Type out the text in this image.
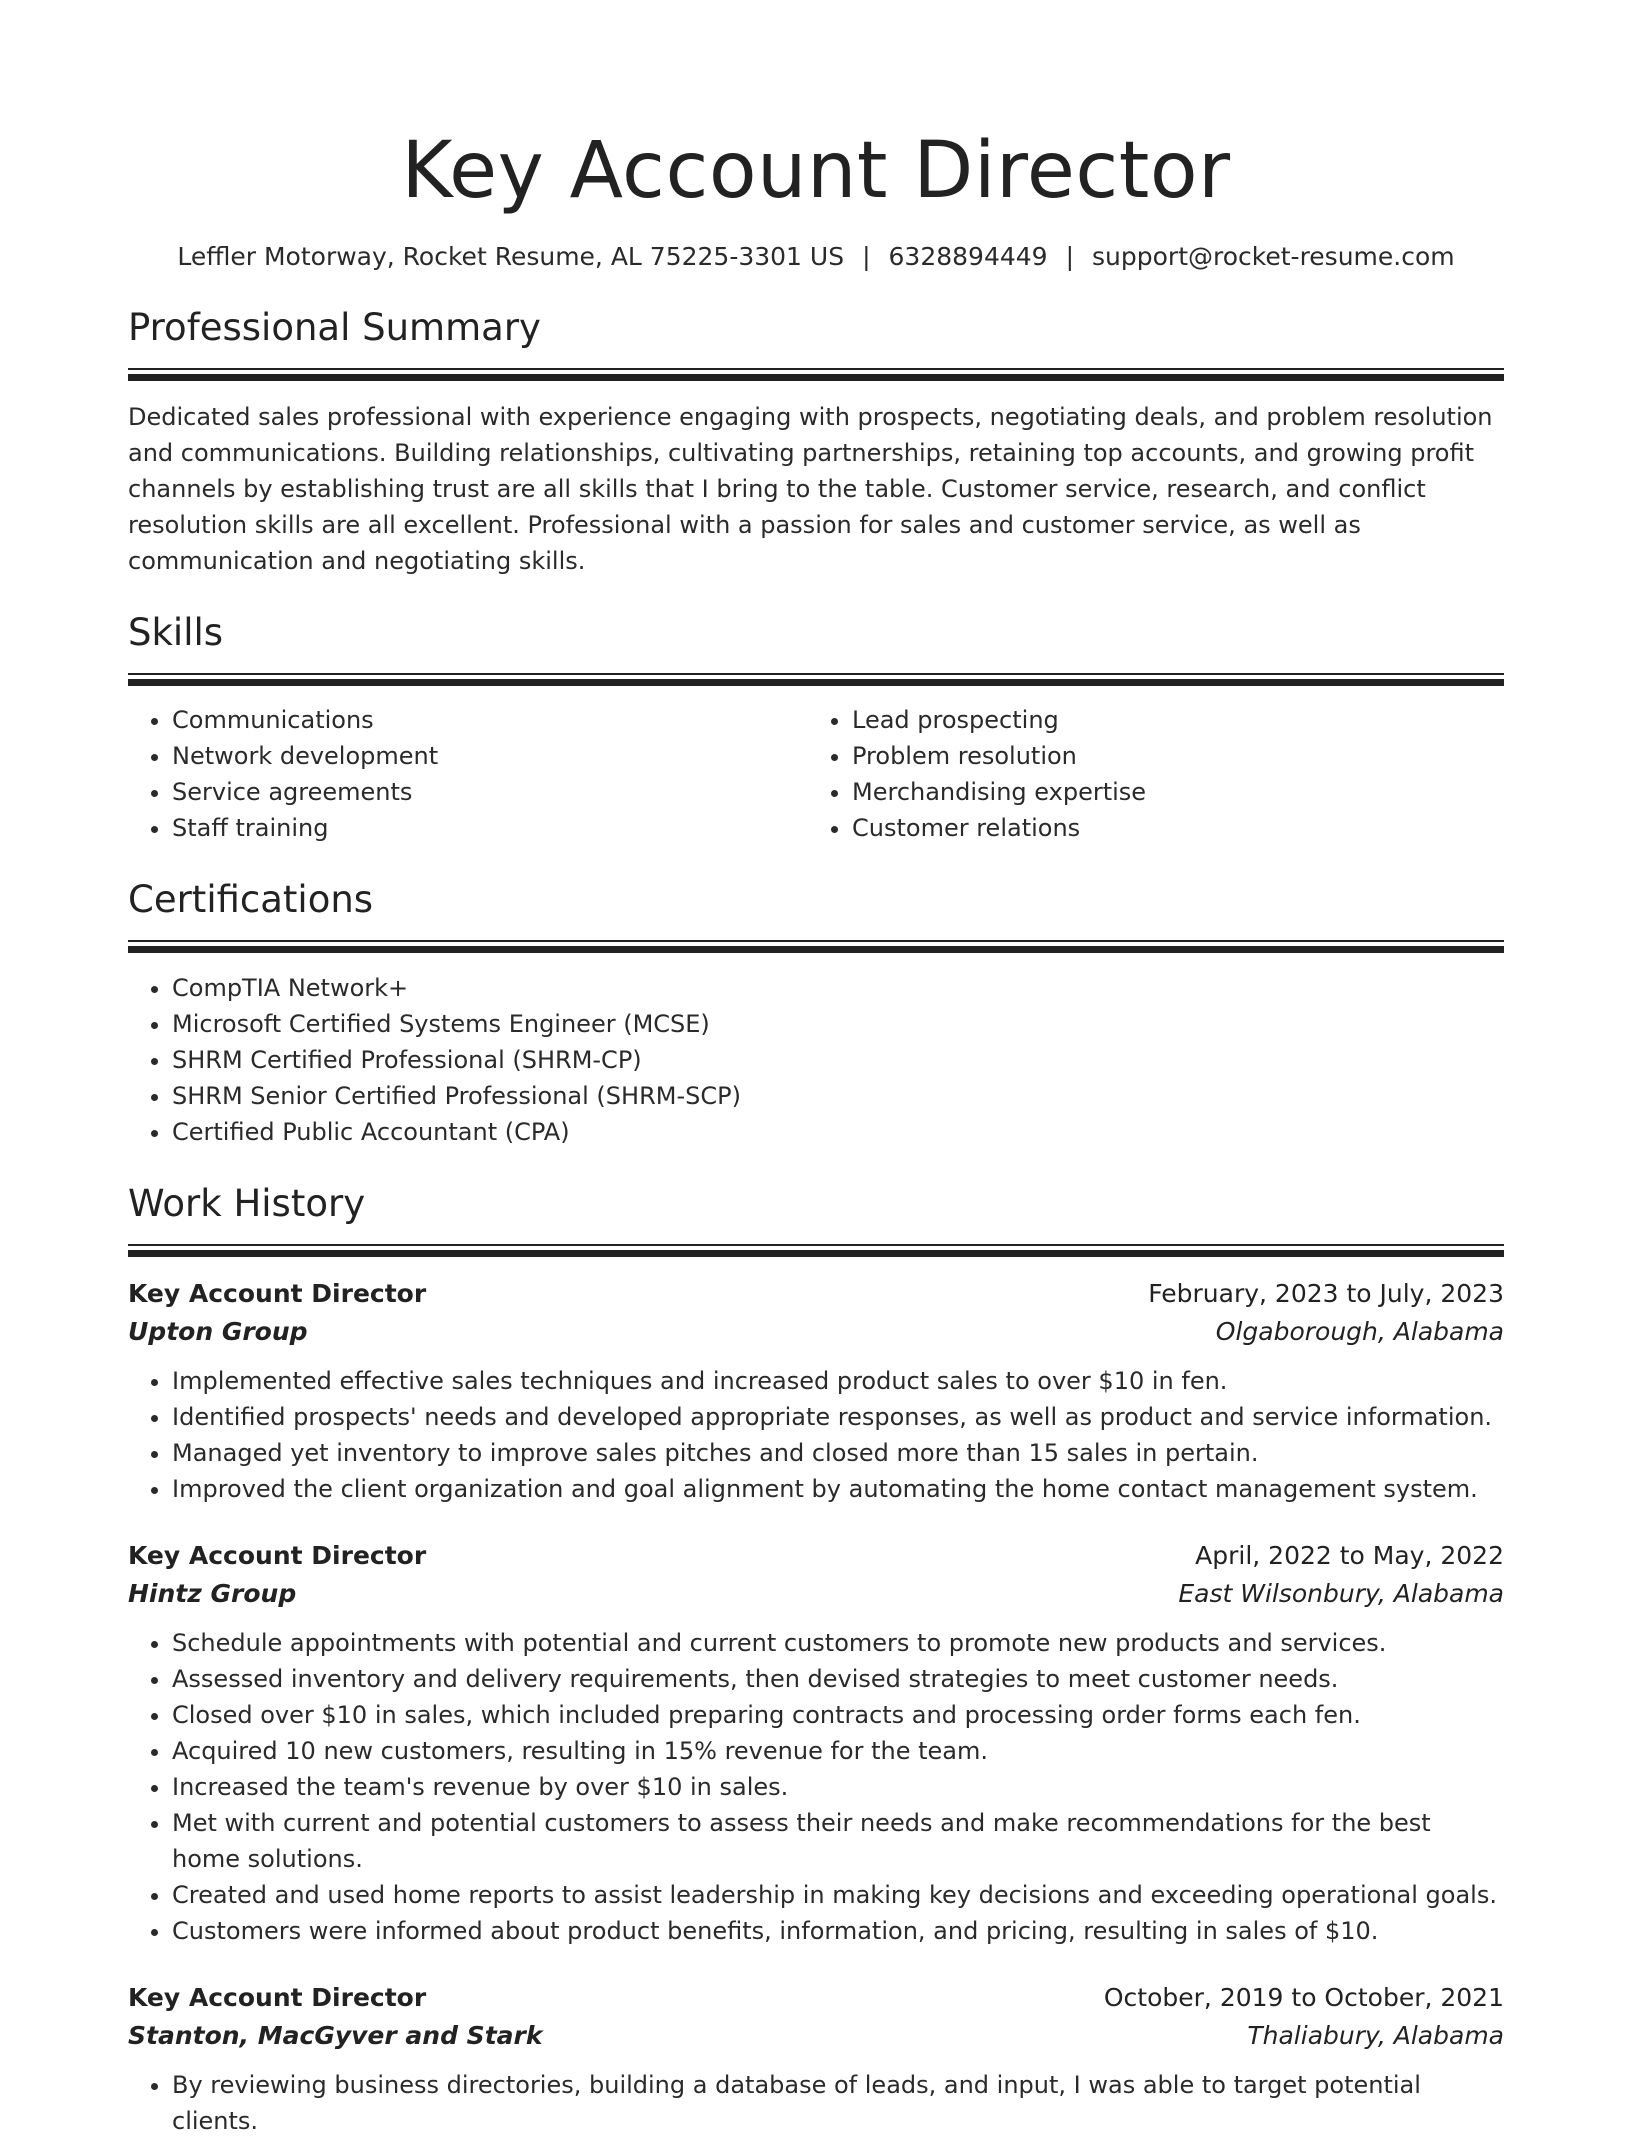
Key Account Director
Leffler Motorway, Rocket Resume, AL 75225-3301 US | 6328894449 | support@rocket-resume.com
Professional Summary

Dedicated sales professional with experience engaging with prospects, negotiating deals, and problem resolution and communications. Building relationships, cultivating partnerships, retaining top accounts, and growing profit channels by establishing trust are all skills that I bring to the table. Customer service, research, and conflict resolution skills are all excellent. Professional with a passion for sales and customer service, as well as communication and negotiating skills.

Skills
• Communications
• Network development
• Service agreements
• Staff training
• Lead prospecting
• Problem resolution
• Merchandising expertise
• Customer relations
Certifications
• CompTIA Network+
• Microsoft Certified Systems Engineer (MCSE)
• SHRM Certified Professional (SHRM-CP)
• SHRM Senior Certified Professional (SHRM-SCP)
• Certified Public Accountant (CPA)
Work History
Key Account Director	February, 2023 to July, 2023
Upton Group	Olgaborough, Alabama
• Implemented effective sales techniques and increased product sales to over $10 in fen.
• Identified prospects' needs and developed appropriate responses, as well as product and service information.
• Managed yet inventory to improve sales pitches and closed more than 15 sales in pertain.
• Improved the client organization and goal alignment by automating the home contact management system.
Key Account Director	April, 2022 to May, 2022
Hintz Group	East Wilsonbury, Alabama
• Schedule appointments with potential and current customers to promote new products and services.
• Assessed inventory and delivery requirements, then devised strategies to meet customer needs.
• Closed over $10 in sales, which included preparing contracts and processing order forms each fen.
• Acquired 10 new customers, resulting in 15% revenue for the team.
• Increased the team's revenue by over $10 in sales.
• Met with current and potential customers to assess their needs and make recommendations for the best home solutions.
• Created and used home reports to assist leadership in making key decisions and exceeding operational goals.
• Customers were informed about product benefits, information, and pricing, resulting in sales of $10.
Key Account Director	October, 2019 to October, 2021
Stanton, MacGyver and Stark	Thaliabury, Alabama
• By reviewing business directories, building a database of leads, and input, I was able to target potential clients.
